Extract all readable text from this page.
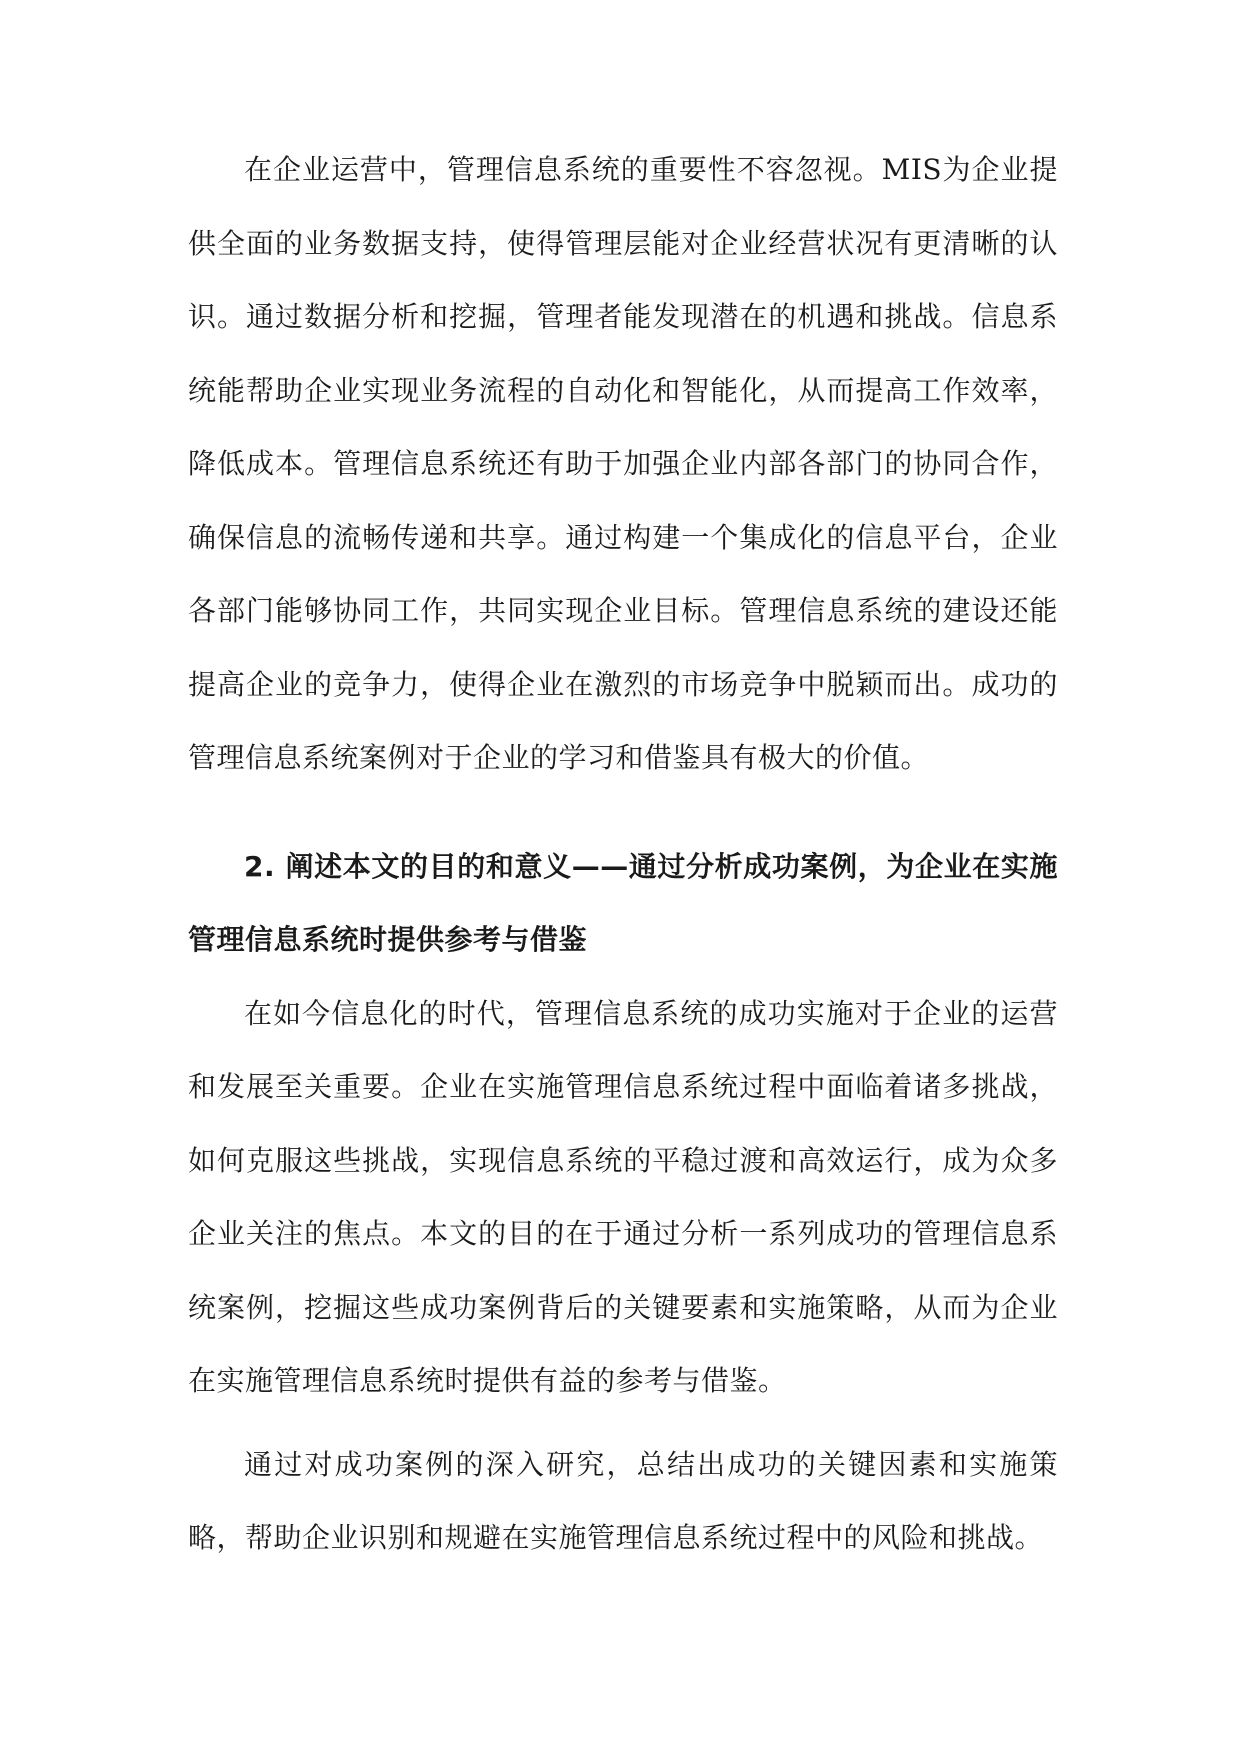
在企业运营中，管理信息系统的重要性不容忽视。MIS为企业提供全面的业务数据支持，使得管理层能对企业经营状况有更清晰的认识。通过数据分析和挖掘，管理者能发现潜在的机遇和挑战。信息系统能帮助企业实现业务流程的自动化和智能化，从而提高工作效率，降低成本。管理信息系统还有助于加强企业内部各部门的协同合作，确保信息的流畅传递和共享。通过构建一个集成化的信息平台，企业各部门能够协同工作，共同实现企业目标。管理信息系统的建设还能提高企业的竞争力，使得企业在激烈的市场竞争中脱颖而出。成功的管理信息系统案例对于企业的学习和借鉴具有极大的价值。

2. 阐述本文的目的和意义——通过分析成功案例，为企业在实施管理信息系统时提供参考与借鉴

在如今信息化的时代，管理信息系统的成功实施对于企业的运营和发展至关重要。企业在实施管理信息系统过程中面临着诸多挑战，如何克服这些挑战，实现信息系统的平稳过渡和高效运行，成为众多企业关注的焦点。本文的目的在于通过分析一系列成功的管理信息系统案例，挖掘这些成功案例背后的关键要素和实施策略，从而为企业在实施管理信息系统时提供有益的参考与借鉴。

通过对成功案例的深入研究，总结出成功的关键因素和实施策略，帮助企业识别和规避在实施管理信息系统过程中的风险和挑战。
